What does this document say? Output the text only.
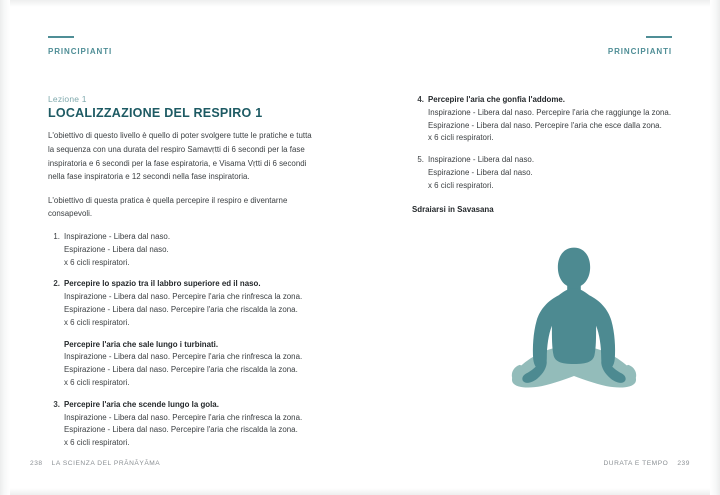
PRINCIPIANTI	PRINCIPIANTI
Lezione 1
LOCALIZZAZIONE DEL RESPIRO 1

L'obiettivo di questo livello è quello di poter svolgere tutte le pratiche e tutta la sequenza con una durata del respiro Samavṛtti di 6 secondi per la fase inspiratoria e 6 secondi per la fase espiratoria, e Visama Vṛtti di 6 secondi nella fase inspiratoria e 12 secondi nella fase inspiratoria.

L'obiettivo di questa pratica è quella percepire il respiro e diventarne consapevoli.

1. Inspirazione - Libera dal naso.
Espirazione - Libera dal naso.
x 6 cicli respiratori.
2. Percepire lo spazio tra il labbro superiore ed il naso.
Inspirazione - Libera dal naso. Percepire l'aria che rinfresca la zona.
Espirazione - Libera dal naso. Percepire l'aria che riscalda la zona.
x 6 cicli respiratori.
Percepire l'aria che sale lungo i turbinati.
Inspirazione - Libera dal naso. Percepire l'aria che rinfresca la zona.
Espirazione - Libera dal naso. Percepire l'aria che riscalda la zona.
x 6 cicli respiratori.
3. Percepire l'aria che scende lungo la gola.
Inspirazione - Libera dal naso. Percepire l'aria che rinfresca la zona.
Espirazione - Libera dal naso. Percepire l'aria che riscalda la zona.
x 6 cicli respiratori.
4. Percepire l'aria che gonfia l'addome.
Inspirazione - Libera dal naso. Percepire l'aria che raggiunge la zona.
Espirazione - Libera dal naso. Percepire l'aria che esce dalla zona.
x 6 cicli respiratori.
5. Inspirazione - Libera dal naso.
Espirazione - Libera dal naso.
x 6 cicli respiratori.
Sdraiarsi in Savasana
238 LA SCIENZA DEL PRĀNĀYĀMA	DURATA E TEMPO 239
